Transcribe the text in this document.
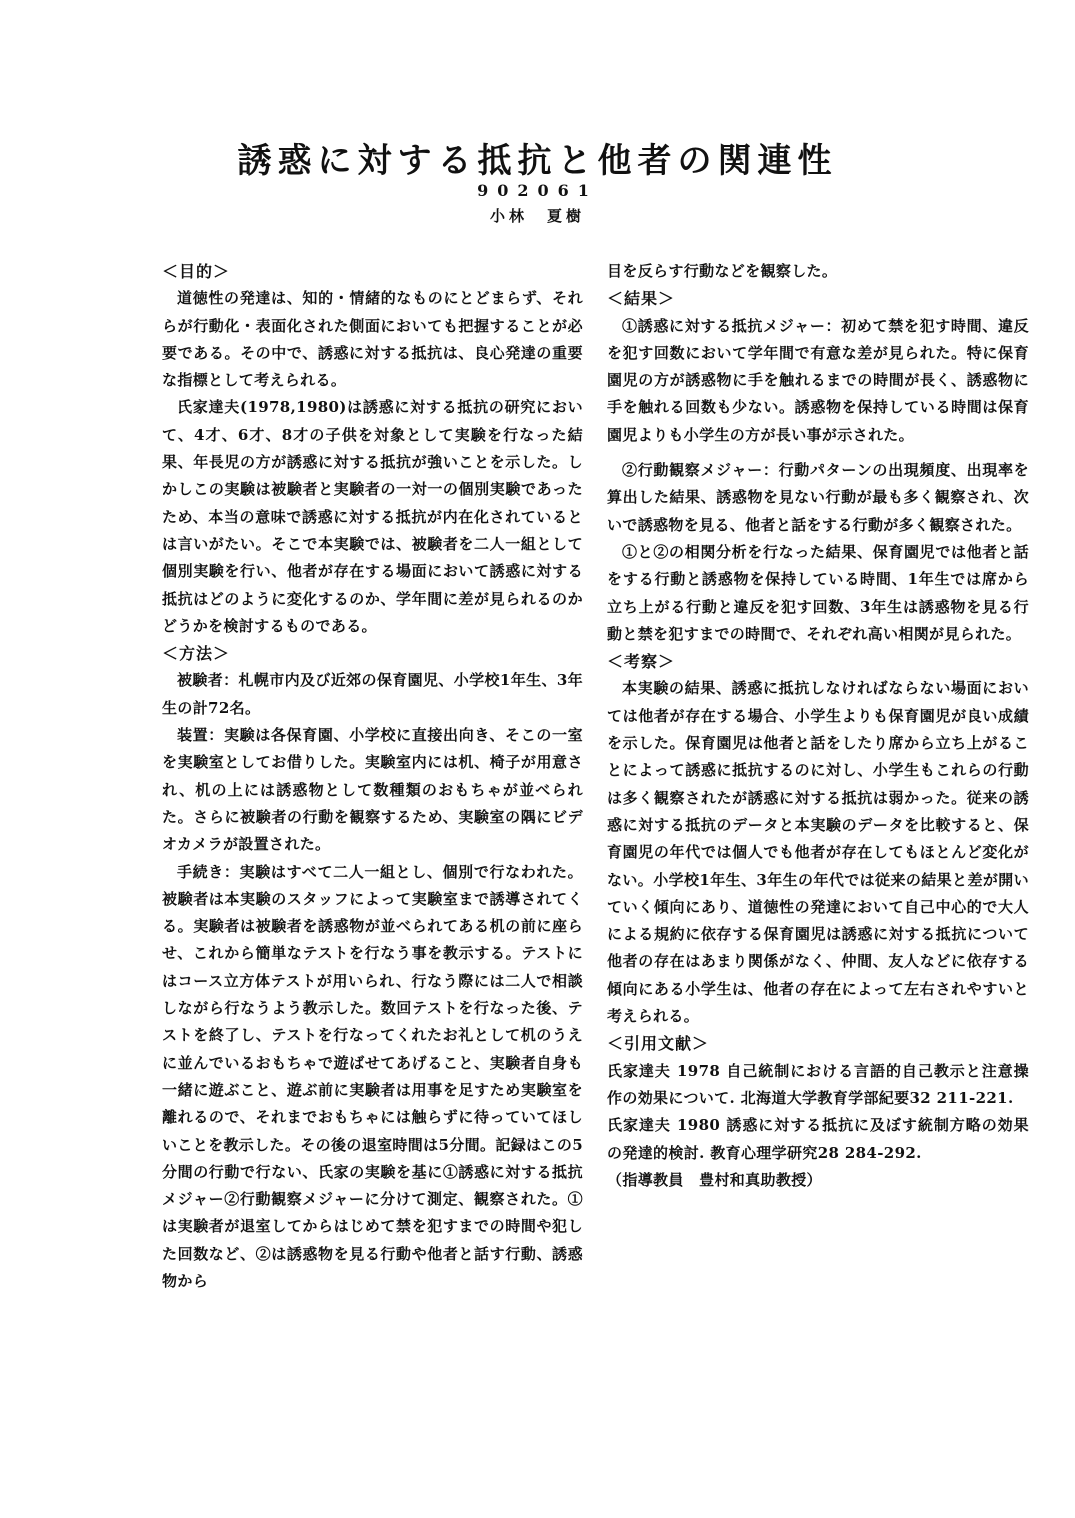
誘惑に対する抵抗と他者の関連性
902061
小林　夏樹
＜目的＞

道徳性の発達は、知的・情緒的なものにとどまらず、それらが行動化・表面化された側面においても把握することが必要である。その中で、誘惑に対する抵抗は、良心発達の重要な指標として考えられる。

氏家達夫(1978,1980)は誘惑に対する抵抗の研究において、4才、6才、8才の子供を対象として実験を行なった結果、年長児の方が誘惑に対する抵抗が強いことを示した。しかしこの実験は被験者と実験者の一対一の個別実験であったため、本当の意味で誘惑に対する抵抗が内在化されているとは言いがたい。そこで本実験では、被験者を二人一組として個別実験を行い、他者が存在する場面において誘惑に対する抵抗はどのように変化するのか、学年間に差が見られるのかどうかを検討するものである。

＜方法＞

被験者：札幌市内及び近郊の保育園児、小学校1年生、3年生の計72名。

装置：実験は各保育園、小学校に直接出向き、そこの一室を実験室としてお借りした。実験室内には机、椅子が用意され、机の上には誘惑物として数種類のおもちゃが並べられた。さらに被験者の行動を観察するため、実験室の隅にビデオカメラが設置された。

手続き：実験はすべて二人一組とし、個別で行なわれた。被験者は本実験のスタッフによって実験室まで誘導されてくる。実験者は被験者を誘惑物が並べられてある机の前に座らせ、これから簡単なテストを行なう事を教示する。テストにはコース立方体テストが用いられ、行なう際には二人で相談しながら行なうよう教示した。数回テストを行なった後、テストを終了し、テストを行なってくれたお礼として机のうえに並んでいるおもちゃで遊ばせてあげること、実験者自身も一緒に遊ぶこと、遊ぶ前に実験者は用事を足すため実験室を離れるので、それまでおもちゃには触らずに待っていてほしいことを教示した。その後の退室時間は5分間。記録はこの5分間の行動で行ない、氏家の実験を基に①誘惑に対する抵抗メジャー②行動観察メジャーに分けて測定、観察された。①は実験者が退室してからはじめて禁を犯すまでの時間や犯した回数など、②は誘惑物を見る行動や他者と話す行動、誘惑物から

目を反らす行動などを観察した。

＜結果＞

①誘惑に対する抵抗メジャー：初めて禁を犯す時間、違反を犯す回数において学年間で有意な差が見られた。特に保育園児の方が誘惑物に手を触れるまでの時間が長く、誘惑物に手を触れる回数も少ない。誘惑物を保持している時間は保育園児よりも小学生の方が長い事が示された。

②行動観察メジャー：行動パターンの出現頻度、出現率を算出した結果、誘惑物を見ない行動が最も多く観察され、次いで誘惑物を見る、他者と話をする行動が多く観察された。

①と②の相関分析を行なった結果、保育園児では他者と話をする行動と誘惑物を保持している時間、1年生では席から立ち上がる行動と違反を犯す回数、3年生は誘惑物を見る行動と禁を犯すまでの時間で、それぞれ高い相関が見られた。

＜考察＞

本実験の結果、誘惑に抵抗しなければならない場面においては他者が存在する場合、小学生よりも保育園児が良い成績を示した。保育園児は他者と話をしたり席から立ち上がることによって誘惑に抵抗するのに対し、小学生もこれらの行動は多く観察されたが誘惑に対する抵抗は弱かった。従来の誘惑に対する抵抗のデータと本実験のデータを比較すると、保育園児の年代では個人でも他者が存在してもほとんど変化がない。小学校1年生、3年生の年代では従来の結果と差が開いていく傾向にあり、道徳性の発達において自己中心的で大人による規約に依存する保育園児は誘惑に対する抵抗について他者の存在はあまり関係がなく、仲間、友人などに依存する傾向にある小学生は、他者の存在によって左右されやすいと考えられる。

＜引用文献＞

氏家達夫 1978 自己統制における言語的自己教示と注意操作の効果について. 北海道大学教育学部紀要32 211-221.

氏家達夫 1980 誘惑に対する抵抗に及ぼす統制方略の効果の発達的検討. 教育心理学研究28 284-292.

（指導教員　豊村和真助教授）
